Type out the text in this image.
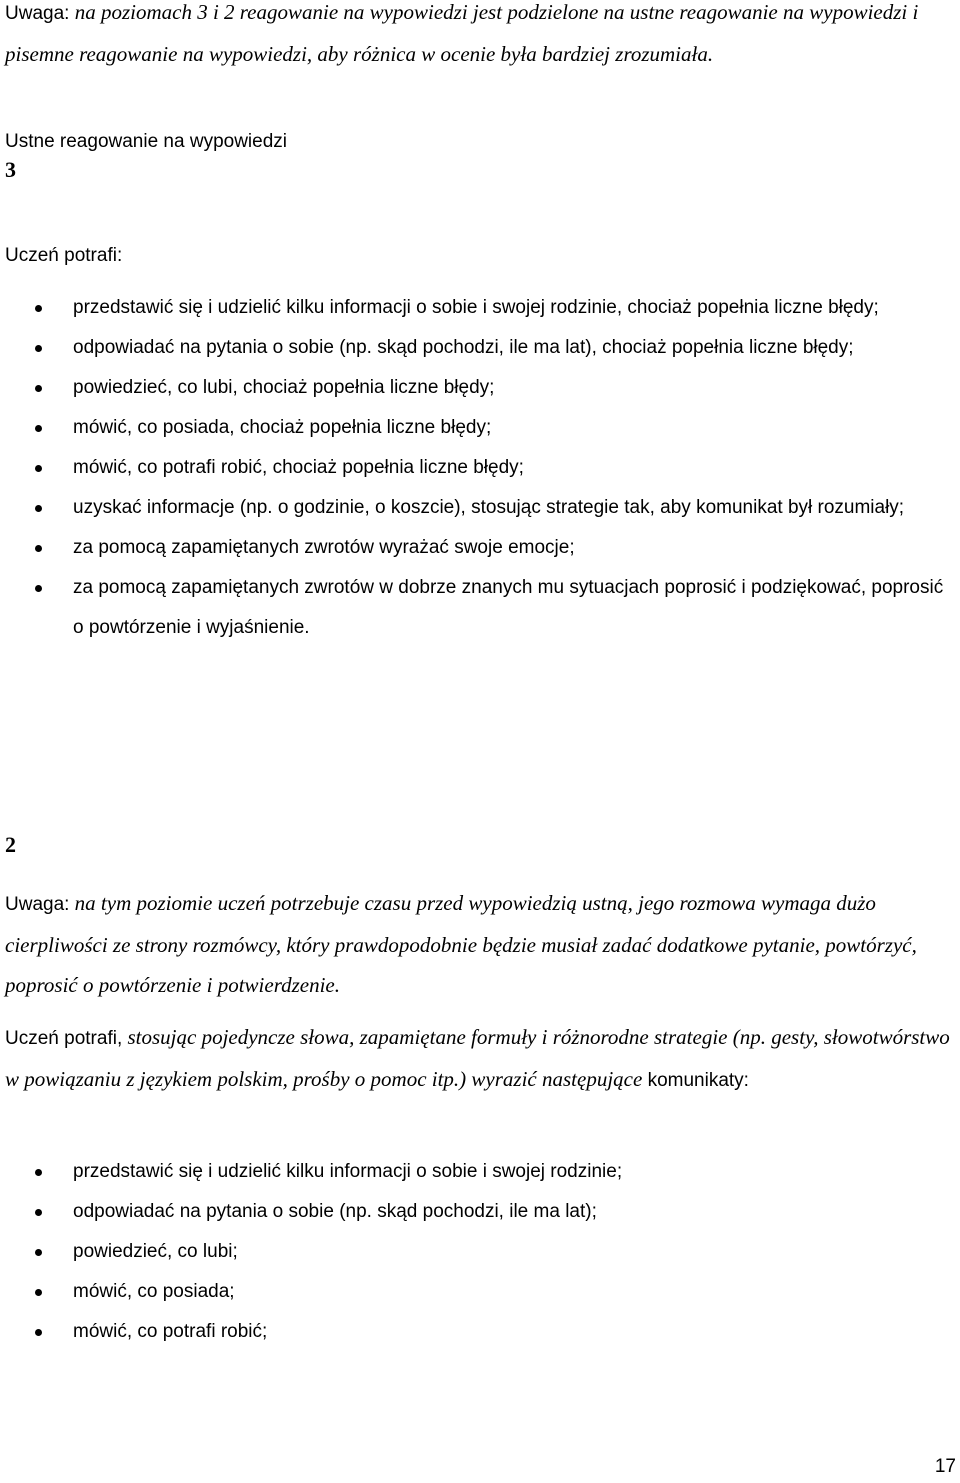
Uwaga: na poziomach 3 i 2 reagowanie na wypowiedzi jest podzielone na ustne reagowanie na wypowiedzi i pisemne reagowanie na wypowiedzi, aby różnica w ocenie była bardziej zrozumiała.

Ustne reagowanie na wypowiedzi

3

Uczeń potrafi:

przedstawić się i udzielić kilku informacji o sobie i swojej rodzinie, chociaż popełnia liczne błędy;
odpowiadać na pytania o sobie (np. skąd pochodzi, ile ma lat), chociaż popełnia liczne błędy;
powiedzieć, co lubi, chociaż popełnia liczne błędy;
mówić, co posiada, chociaż popełnia liczne błędy;
mówić, co potrafi robić, chociaż popełnia liczne błędy;
uzyskać informacje (np. o godzinie, o koszcie), stosując strategie tak, aby komunikat był rozumiały;
za pomocą zapamiętanych zwrotów wyrażać swoje emocje;
za pomocą zapamiętanych zwrotów w dobrze znanych mu sytuacjach poprosić i podziękować, poprosić o powtórzenie i wyjaśnienie.

2

Uwaga: na tym poziomie uczeń potrzebuje czasu przed wypowiedzią ustną, jego rozmowa wymaga dużo cierpliwości ze strony rozmówcy, który prawdopodobnie będzie musiał zadać dodatkowe pytanie, powtórzyć, poprosić o powtórzenie i potwierdzenie.

Uczeń potrafi, stosując pojedyncze słowa, zapamiętane formuły i różnorodne strategie (np. gesty, słowotwórstwo w powiązaniu z językiem polskim, prośby o pomoc itp.) wyrazić następujące komunikaty:

przedstawić się i udzielić kilku informacji o sobie i swojej rodzinie;
odpowiadać na pytania o sobie (np. skąd pochodzi, ile ma lat);
powiedzieć, co lubi;
mówić, co posiada;
mówić, co potrafi robić;
17
